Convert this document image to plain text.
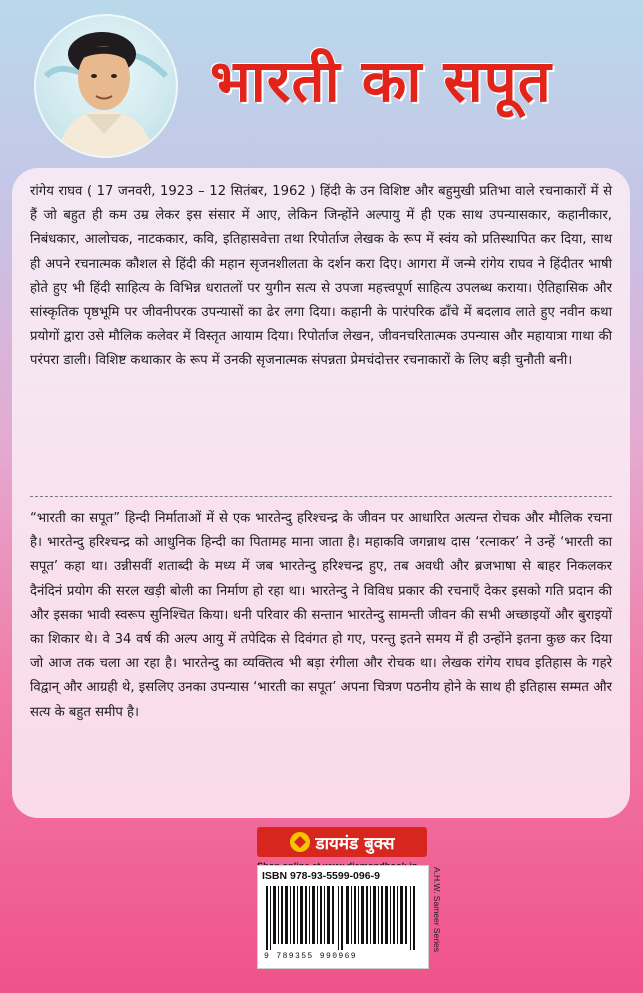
भारती का सपूत
रांगेय राघव ( 17 जनवरी, 1923 – 12 सितंबर, 1962 ) हिंदी के उन विशिष्ट और बहुमुखी प्रतिभा वाले रचनाकारों में से हैं जो बहुत ही कम उम्र लेकर इस संसार में आए, लेकिन जिन्होंने अल्पायु में ही एक साथ उपन्यासकार, कहानीकार, निबंधकार, आलोचक, नाटककार, कवि, इतिहासवेत्ता तथा रिपोर्ताज लेखक के रूप में स्वंय को प्रतिस्थापित कर दिया, साथ ही अपने रचनात्मक कौशल से हिंदी की महान सृजनशीलता के दर्शन करा दिए। आगरा में जन्मे रांगेय राघव ने हिंदीतर भाषी होते हुए भी हिंदी साहित्य के विभिन्न धरातलों पर युगीन सत्य से उपजा महत्त्वपूर्ण साहित्य उपलब्ध कराया। ऐतिहासिक और सांस्कृतिक पृष्ठभूमि पर जीवनीपरक उपन्यासों का ढेर लगा दिया। कहानी के पारंपरिक ढाँचे में बदलाव लाते हुए नवीन कथा प्रयोगों द्वारा उसे मौलिक कलेवर में विस्तृत आयाम दिया। रिपोर्ताज लेखन, जीवनचरितात्मक उपन्यास और महायात्रा गाथा की परंपरा डाली। विशिष्ट कथाकार के रूप में उनकी सृजनात्मक संपन्नता प्रेमचंदोत्तर रचनाकारों के लिए बड़ी चुनौती बनी।
“भारती का सपूत” हिन्दी निर्माताओं में से एक भारतेन्दु हरिश्चन्द्र के जीवन पर आधारित अत्यन्त रोचक और मौलिक रचना है। भारतेन्दु हरिश्चन्द्र को आधुनिक हिन्दी का पितामह माना जाता है। महाकवि जगन्नाथ दास ‘रत्नाकर’ ने उन्हें ‘भारती का सपूत’ कहा था। उन्नीसवीं शताब्दी के मध्य में जब भारतेन्दु हरिश्चन्द्र हुए, तब अवधी और ब्रजभाषा से बाहर निकलकर दैनंदिनं प्रयोग की सरल खड़ी बोली का निर्माण हो रहा था। भारतेन्दु ने विविध प्रकार की रचनाएँ देकर इसको गति प्रदान की और इसका भावी स्वरूप सुनिश्चित किया। धनी परिवार की सन्तान भारतेन्दु सामन्ती जीवन की सभी अच्छाइयों और बुराइयों का शिकार थे। वे 34 वर्ष की अल्प आयु में तपेदिक से दिवंगत हो गए, परन्तु इतने समय में ही उन्होंने इतना कुछ कर दिया जो आज तक चला आ रहा है। भारतेन्दु का व्यक्तित्व भी बड़ा रंगीला और रोचक था। लेखक रांगेय राघव इतिहास के गहरे विद्वान् और आग्रही थे, इसलिए उनका उपन्यास ‘भारती का सपूत’ अपना चित्रण पठनीय होने के साथ ही इतिहास सम्मत और सत्य के बहुत समीप है।
डायमंड बुक्स
ISBN 978-93-5599-096-9
9 789355 990969
A.H.W. Sameer Series
